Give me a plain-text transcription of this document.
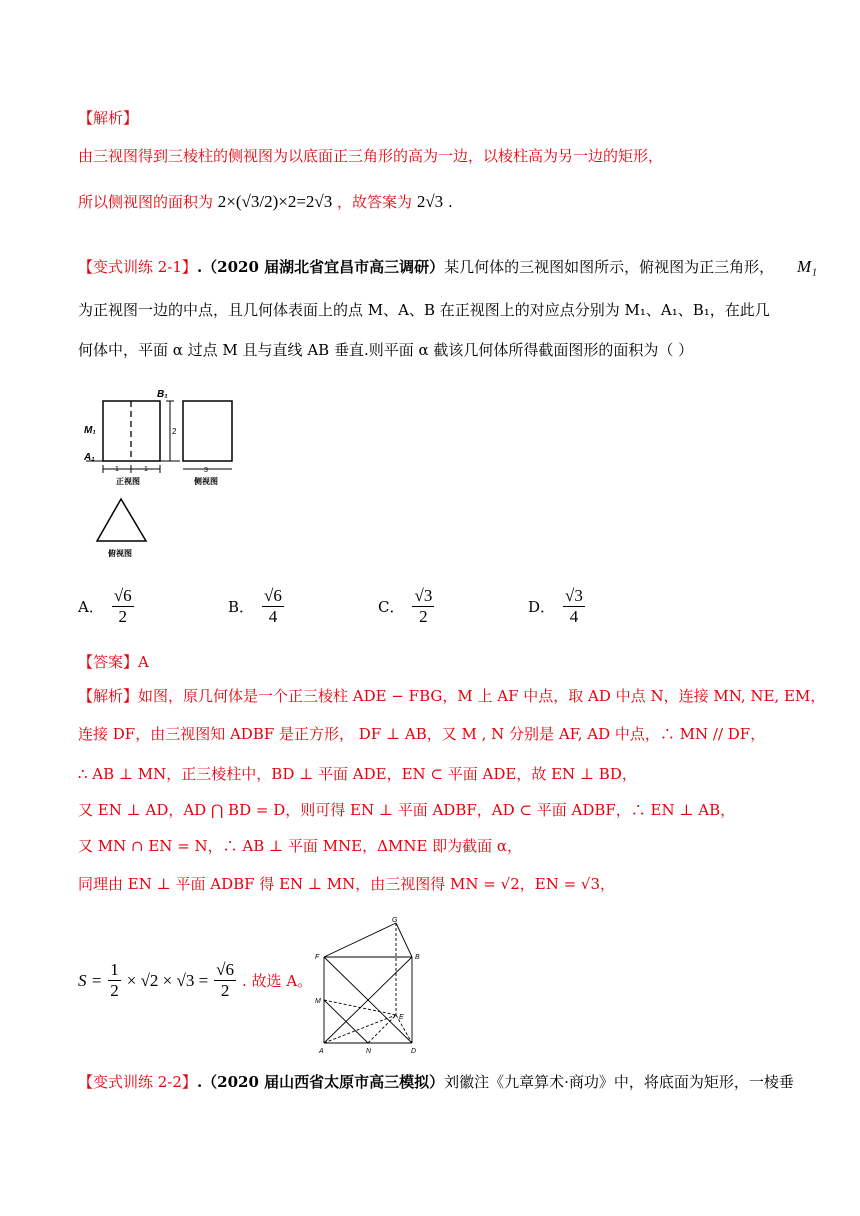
【解析】
由三视图得到三棱柱的侧视图为以底面正三角形的高为一边，以棱柱高为另一边的矩形，
所以侧视图的面积为 2×(√3/2)×2=2√3 ，故答案为 2√3 .
【变式训练 2-1】.（2020 届湖北省宜昌市高三调研）某几何体的三视图如图所示，俯视图为正三角形， M₁
为正视图一边的中点，且几何体表面上的点 M、A、B 在正视图上的对应点分别为 M₁、A₁、B₁，在此几
何体中，平面 α 过点 M 且与直线 AB 垂直.则平面 α 截该几何体所得截面图形的面积为（ ）
2
B₁
M₁
A₁
1	1
正视图
3
侧视图
俯视图
A． $\frac{√6}{2}$	B． $\frac{√6}{4}$	C． $\frac{√3}{2}$	D． $\frac{√3}{4}$
【答案】A
【解析】如图，原几何体是一个正三棱柱 ADE − FBG，M 上 AF 中点，取 AD 中点 N，连接 MN, NE, EM，
连接 DF，由三视图知 ADBF 是正方形， DF ⊥ AB，又 M , N 分别是 AF, AD 中点，∴ MN // DF，
∴ AB ⊥ MN，正三棱柱中，BD ⊥ 平面 ADE，EN ⊂ 平面 ADE，故 EN ⊥ BD，
又 EN ⊥ AD，AD ⋂ BD = D，则可得 EN ⊥ 平面 ADBF，AD ⊂ 平面 ADBF，∴ EN ⊥ AB，
又 MN ∩ EN = N，∴ AB ⊥ 平面 MNE，ΔMNE 即为截面 α，
同理由 EN ⊥ 平面 ADBF 得 EN ⊥ MN，由三视图得 MN = √2，EN = √3，
$S = \frac{1}{2} \times √2 \times √3 = \frac{√6}{2}$ . 故选 A。
G
F	B
M
E
A	N	D
【变式训练 2-2】.（2020 届山西省太原市高三模拟）刘徽注《九章算术·商功》中，将底面为矩形，一棱垂
